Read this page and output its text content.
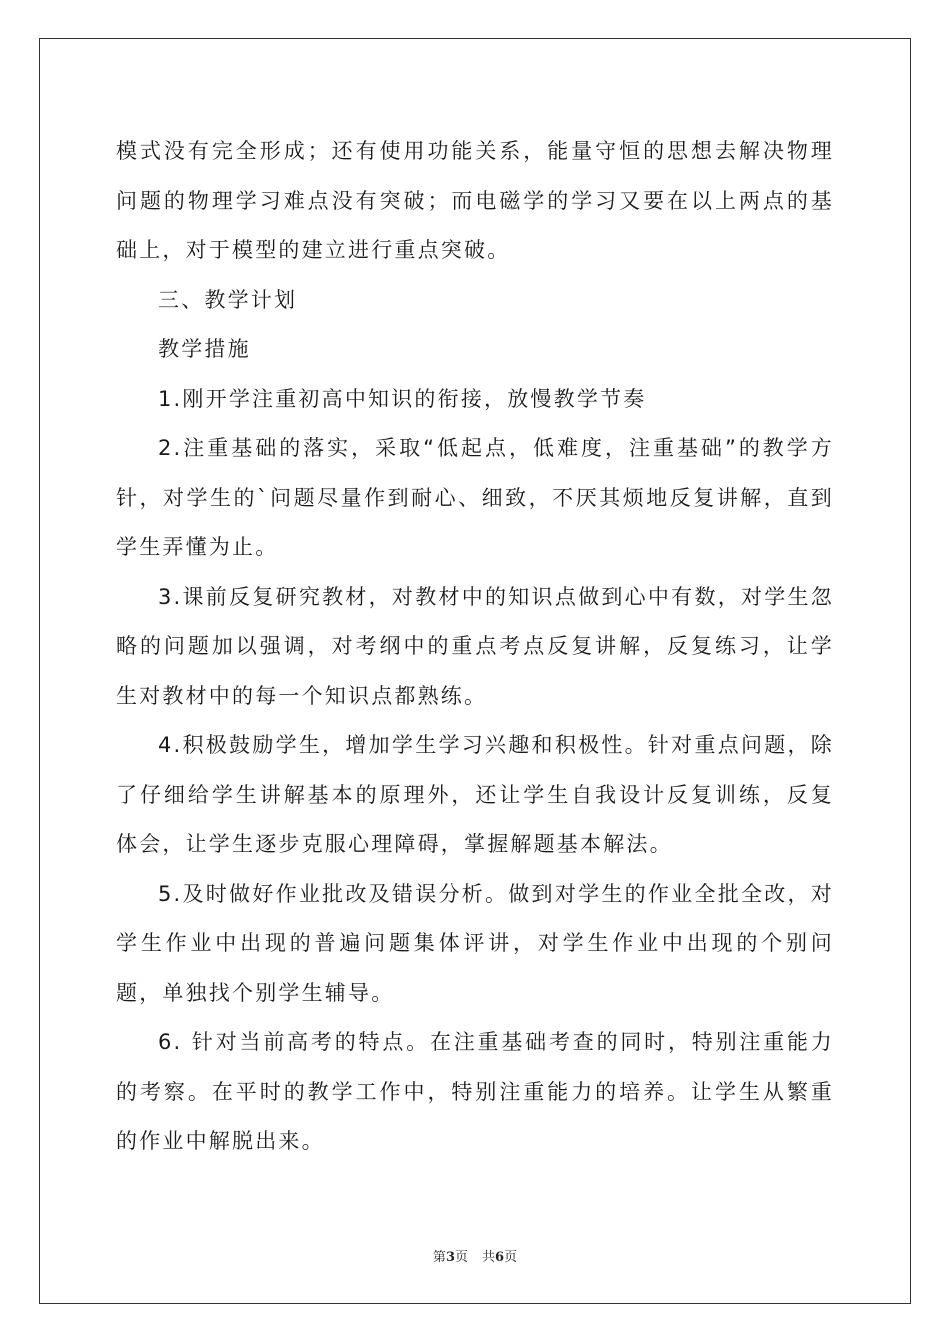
模式没有完全形成；还有使用功能关系，能量守恒的思想去解决物理问题的物理学习难点没有突破；而电磁学的学习又要在以上两点的基础上，对于模型的建立进行重点突破。

三、教学计划

教学措施

1.刚开学注重初高中知识的衔接，放慢教学节奏

2.注重基础的落实，采取“低起点，低难度，注重基础”的教学方针，对学生的`问题尽量作到耐心、细致，不厌其烦地反复讲解，直到学生弄懂为止。

3.课前反复研究教材，对教材中的知识点做到心中有数，对学生忽略的问题加以强调，对考纲中的重点考点反复讲解，反复练习，让学生对教材中的每一个知识点都熟练。

4.积极鼓励学生，增加学生学习兴趣和积极性。针对重点问题，除了仔细给学生讲解基本的原理外，还让学生自我设计反复训练，反复体会，让学生逐步克服心理障碍，掌握解题基本解法。

5.及时做好作业批改及错误分析。做到对学生的作业全批全改，对学生作业中出现的普遍问题集体评讲，对学生作业中出现的个别问题，单独找个别学生辅导。

6. 针对当前高考的特点。在注重基础考查的同时，特别注重能力的考察。在平时的教学工作中，特别注重能力的培养。让学生从繁重的作业中解脱出来。

第3页 共6页
